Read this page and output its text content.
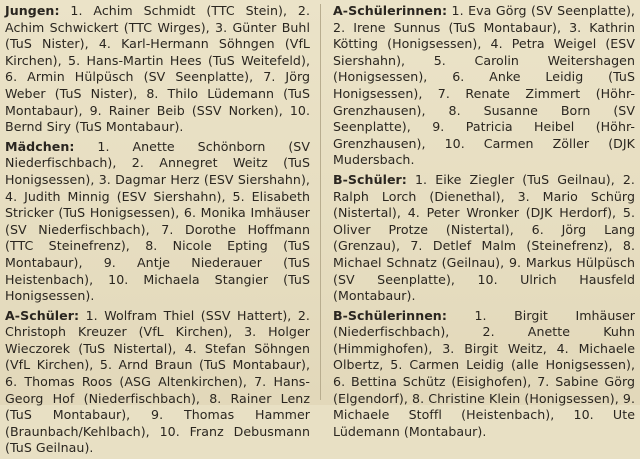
Jungen: 1. Achim Schmidt (TTC Stein), 2. Achim Schwickert (TTC Wirges), 3. Günter Buhl (TuS Nister), 4. Karl-Hermann Söhngen (VfL Kirchen), 5. Hans-Martin Hees (TuS Weitefeld), 6. Armin Hülpüsch (SV Seenplatte), 7. Jörg Weber (TuS Nister), 8. Thilo Lüdemann (TuS Montabaur), 9. Rainer Beib (SSV Norken), 10. Bernd Siry (TuS Montabaur).

Mädchen: 1. Anette Schönborn (SV Niederfischbach), 2. Annegret Weitz (TuS Honigsessen), 3. Dagmar Herz (ESV Siershahn), 4. Judith Minnig (ESV Siershahn), 5. Elisabeth Stricker (TuS Honigsessen), 6. Monika Imhäuser (SV Niederfischbach), 7. Dorothe Hoffmann (TTC Steinefrenz), 8. Nicole Epting (TuS Montabaur), 9. Antje Niederauer (TuS Heistenbach), 10. Michaela Stangier (TuS Honigsessen).

A-Schüler: 1. Wolfram Thiel (SSV Hattert), 2. Christoph Kreuzer (VfL Kirchen), 3. Holger Wieczorek (TuS Nistertal), 4. Stefan Söhngen (VfL Kirchen), 5. Arnd Braun (TuS Montabaur), 6. Thomas Roos (ASG Altenkirchen), 7. Hans-Georg Hof (Niederfischbach), 8. Rainer Lenz (TuS Montabaur), 9. Thomas Hammer (Braunbach/Kehlbach), 10. Franz Debusmann (TuS Geilnau).

A-Schülerinnen: 1. Eva Görg (SV Seenplatte), 2. Irene Sunnus (TuS Montabaur), 3. Kathrin Kötting (Honigsessen), 4. Petra Weigel (ESV Siershahn), 5. Carolin Weitershagen (Honigsessen), 6. Anke Leidig (TuS Honigsessen), 7. Renate Zimmert (Höhr-Grenzhausen), 8. Susanne Born (SV Seenplatte), 9. Patricia Heibel (Höhr-Grenzhausen), 10. Carmen Zöller (DJK Mudersbach.

B-Schüler: 1. Eike Ziegler (TuS Geilnau), 2. Ralph Lorch (Dienethal), 3. Mario Schürg (Nistertal), 4. Peter Wronker (DJK Herdorf), 5. Oliver Protze (Nistertal), 6. Jörg Lang (Grenzau), 7. Detlef Malm (Steinefrenz), 8. Michael Schnatz (Geilnau), 9. Markus Hülpüsch (SV Seenplatte), 10. Ulrich Hausfeld (Montabaur).

B-Schülerinnen: 1. Birgit Imhäuser (Niederfischbach), 2. Anette Kuhn (Himmighofen), 3. Birgit Weitz, 4. Michaele Olbertz, 5. Carmen Leidig (alle Honigsessen), 6. Bettina Schütz (Eisighofen), 7. Sabine Görg (Elgendorf), 8. Christine Klein (Honigsessen), 9. Michaele Stoffl (Heistenbach), 10. Ute Lüdemann (Montabaur).
